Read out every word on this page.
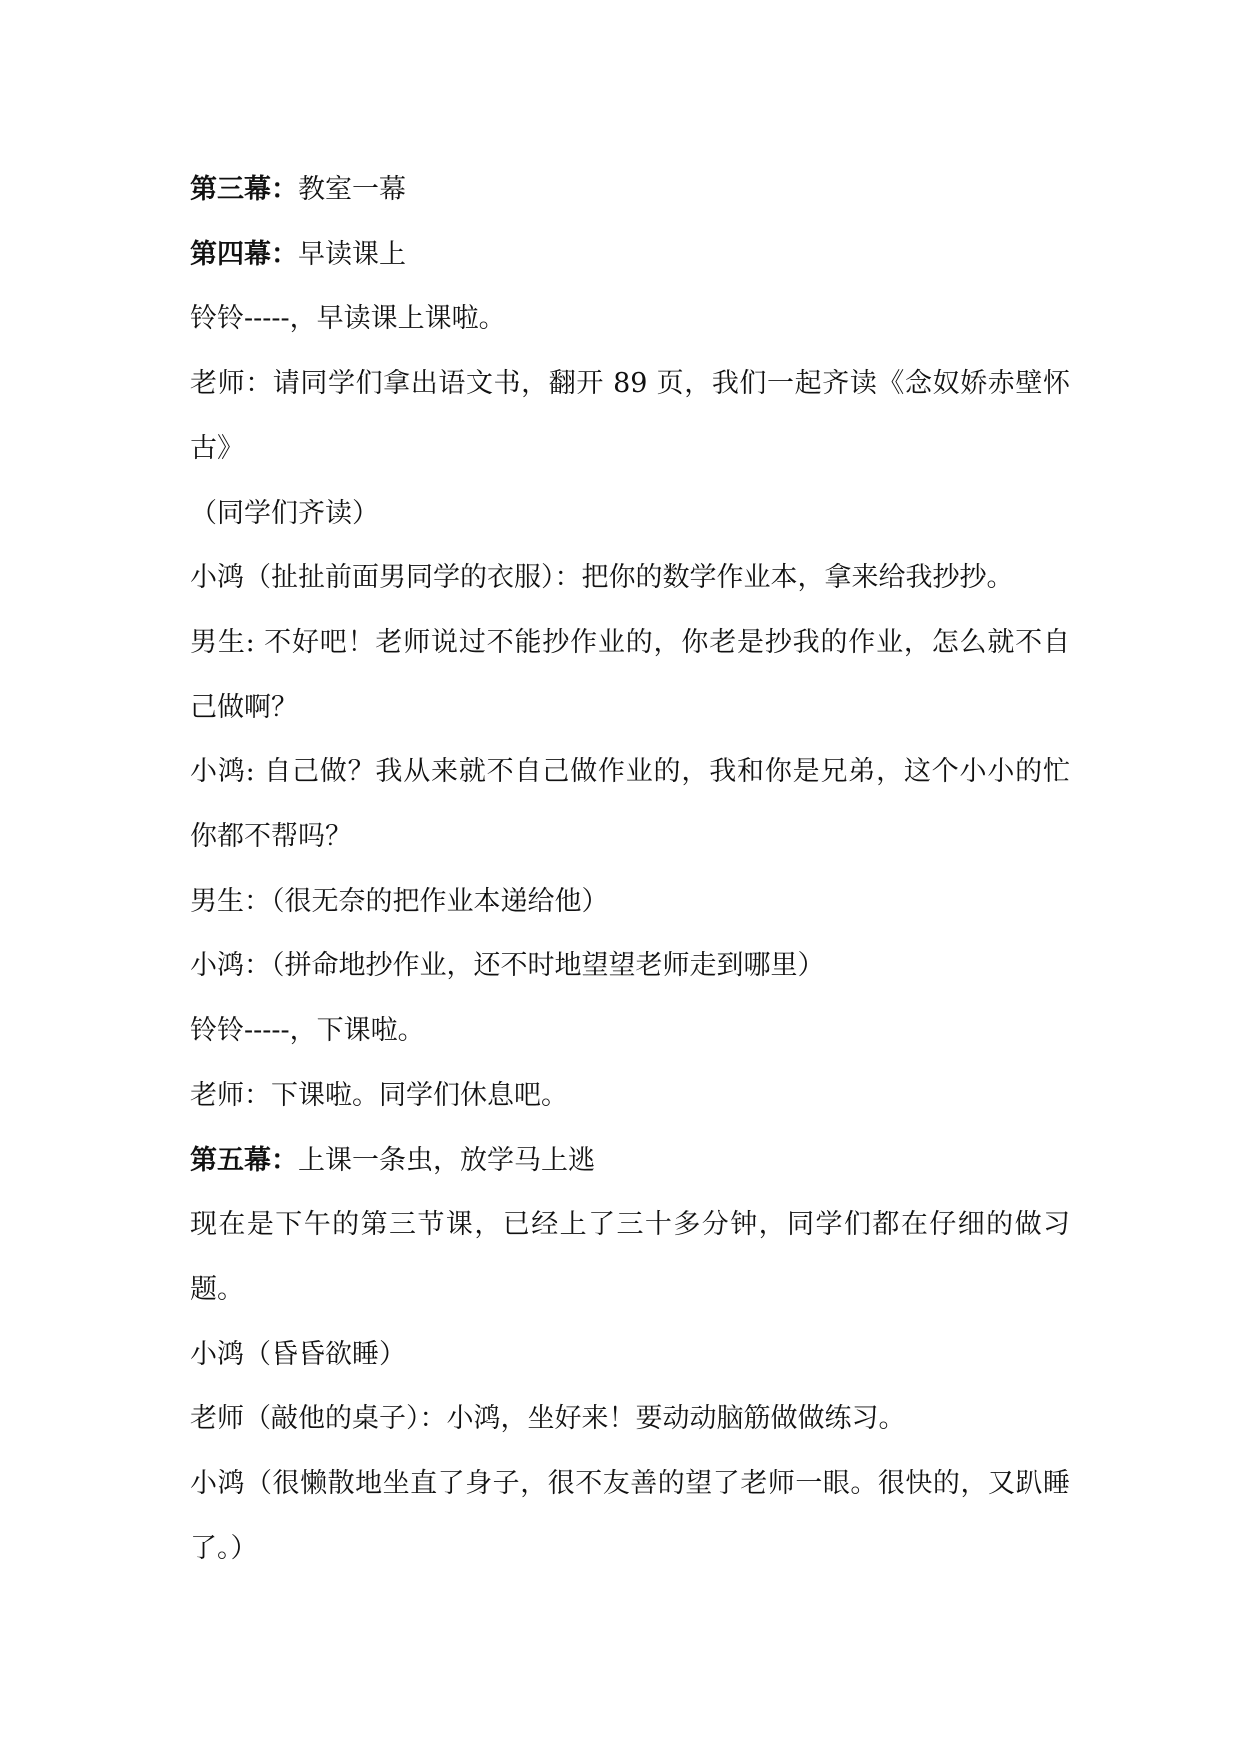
第三幕：教室一幕

第四幕：早读课上

铃铃-----，早读课上课啦。

老师：请同学们拿出语文书，翻开 89 页，我们一起齐读《念奴娇赤壁怀古》

（同学们齐读）

小鸿（扯扯前面男同学的衣服）：把你的数学作业本，拿来给我抄抄。

男生: 不好吧！老师说过不能抄作业的，你老是抄我的作业，怎么就不自己做啊？

小鸿: 自己做？我从来就不自己做作业的，我和你是兄弟，这个小小的忙你都不帮吗？

男生：（很无奈的把作业本递给他）

小鸿：（拼命地抄作业，还不时地望望老师走到哪里）

铃铃-----，下课啦。

老师：下课啦。同学们休息吧。

第五幕：上课一条虫，放学马上逃

现在是下午的第三节课，已经上了三十多分钟，同学们都在仔细的做习题。

小鸿（昏昏欲睡）

老师（敲他的桌子）：小鸿，坐好来！要动动脑筋做做练习。

小鸿（很懒散地坐直了身子，很不友善的望了老师一眼。很快的，又趴睡了。）
